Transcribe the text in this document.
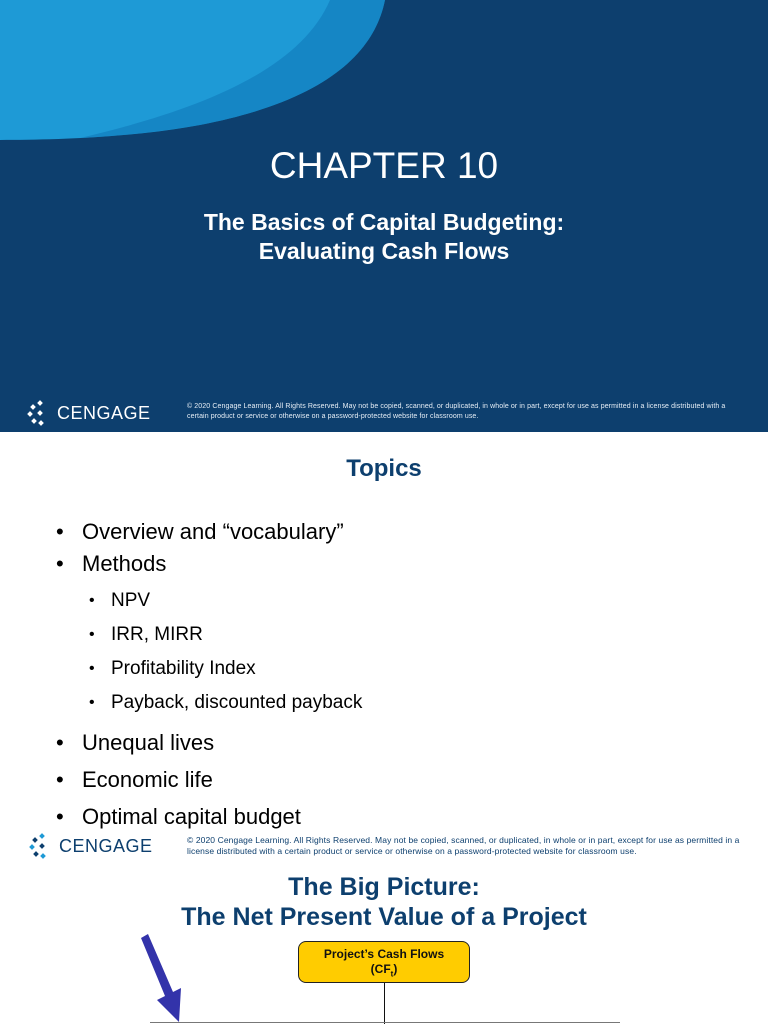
CHAPTER 10
The Basics of Capital Budgeting:
Evaluating Cash Flows
CENGAGE	© 2020 Cengage Learning. All Rights Reserved. May not be copied, scanned, or duplicated, in whole or in part, except for use as permitted in a license distributed with a certain product or service or otherwise on a password-protected website for classroom use.
Topics
• Overview and “vocabulary”
• Methods
• NPV
• IRR, MIRR
• Profitability Index
• Payback, discounted payback
• Unequal lives
• Economic life
• Optimal capital budget
CENGAGE	© 2020 Cengage Learning. All Rights Reserved. May not be copied, scanned, or duplicated, in whole or in part, except for use as permitted in a license distributed with a certain product or service or otherwise on a password-protected website for classroom use.
The Big Picture:
The Net Present Value of a Project
Project’s Cash Flows
$(CF_t)$
